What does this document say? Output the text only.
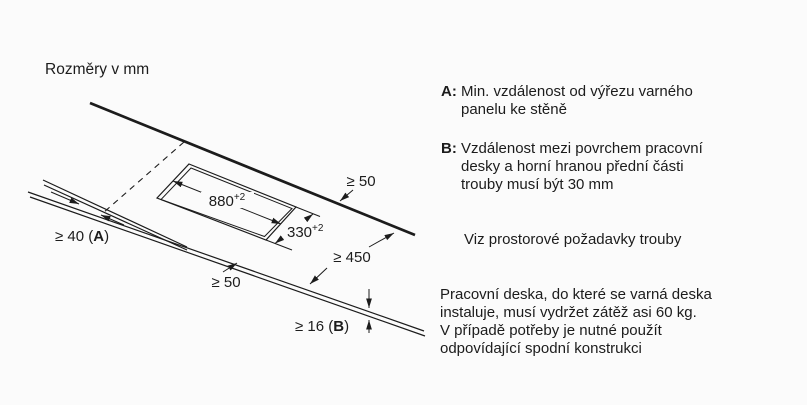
Rozměry v mm
≥ 40 (A)
$880^{+2}$
$330^{+2}$
≥ 50
≥ 450
≥ 50
≥ 16 (B)
A: Min. vzdálenost od výřezu varného
panelu ke stěně
B: Vzdálenost mezi povrchem pracovní
desky a horní hranou přední části
trouby musí být 30 mm
Viz prostorové požadavky trouby
Pracovní deska, do které se varná deska
instaluje, musí vydržet zátěž asi 60 kg.
V případě potřeby je nutné použít
odpovídající spodní konstrukci
